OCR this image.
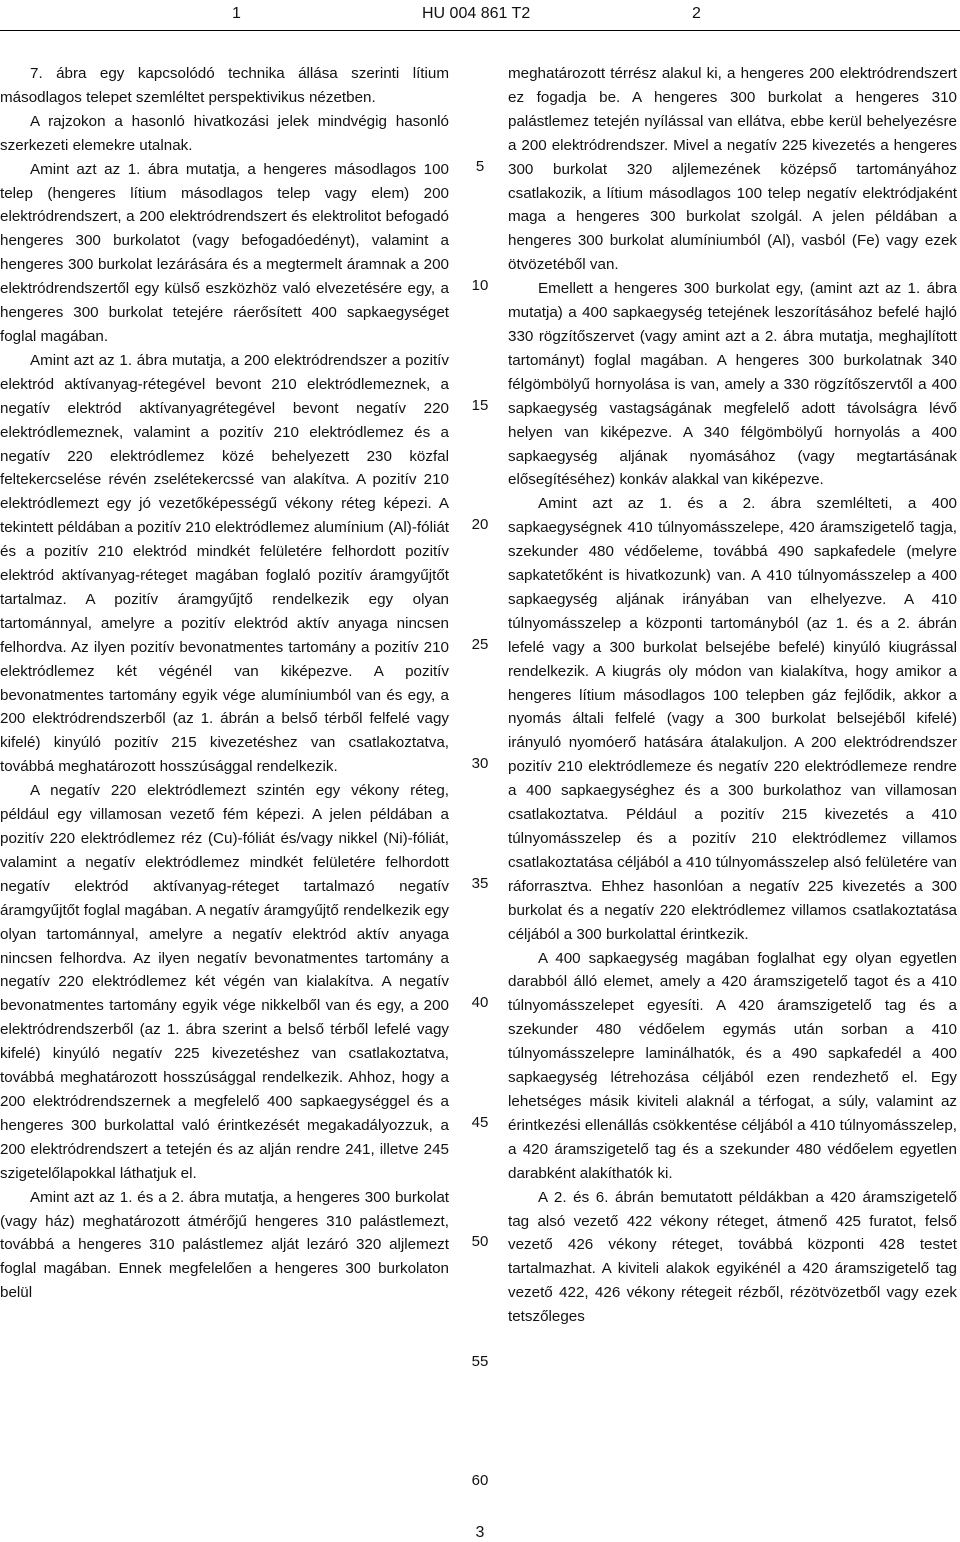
1	HU 004 861 T2	2

7. ábra egy kapcsolódó technika állása szerinti lítium másodlagos telepet szemléltet perspektivikus nézetben.

A rajzokon a hasonló hivatkozási jelek mindvégig hasonló szerkezeti elemekre utalnak.

Amint azt az 1. ábra mutatja, a hengeres másodlagos 100 telep (hengeres lítium másodlagos telep vagy elem) 200 elektródrendszert, a 200 elektródrendszert és elektrolitot befogadó hengeres 300 burkolatot (vagy befogadóedényt), valamint a hengeres 300 burkolat lezárására és a megtermelt áramnak a 200 elektródrendszertől egy külső eszközhöz való elvezetésére egy, a hengeres 300 burkolat tetejére ráerősített 400 sapkaegységet foglal magában.

Amint azt az 1. ábra mutatja, a 200 elektródrendszer a pozitív elektród aktívanyag-rétegével bevont 210 elektródlemeznek, a negatív elektród aktívanyagrétegével bevont negatív 220 elektródlemeznek, valamint a pozitív 210 elektródlemez és a negatív 220 elektródlemez közé behelyezett 230 közfal feltekercselése révén zselétekercssé van alakítva. A pozitív 210 elektródlemezt egy jó vezetőképességű vékony réteg képezi. A tekintett példában a pozitív 210 elektródlemez alumínium (Al)-fóliát és a pozitív 210 elektród mindkét felületére felhordott pozitív elektród aktívanyag-réteget magában foglaló pozitív áramgyűjtőt tartalmaz. A pozitív áramgyűjtő rendelkezik egy olyan tartománnyal, amelyre a pozitív elektród aktív anyaga nincsen felhordva. Az ilyen pozitív bevonatmentes tartomány a pozitív 210 elektródlemez két végénél van kiképezve. A pozitív bevonatmentes tartomány egyik vége alumíniumból van és egy, a 200 elektródrendszerből (az 1. ábrán a belső térből felfelé vagy kifelé) kinyúló pozitív 215 kivezetéshez van csatlakoztatva, továbbá meghatározott hosszúsággal rendelkezik.

A negatív 220 elektródlemezt szintén egy vékony réteg, például egy villamosan vezető fém képezi. A jelen példában a pozitív 220 elektródlemez réz (Cu)-fóliát és/vagy nikkel (Ni)-fóliát, valamint a negatív elektródlemez mindkét felületére felhordott negatív elektród aktívanyag-réteget tartalmazó negatív áramgyűjtőt foglal magában. A negatív áramgyűjtő rendelkezik egy olyan tartománnyal, amelyre a negatív elektród aktív anyaga nincsen felhordva. Az ilyen negatív bevonatmentes tartomány a negatív 220 elektródlemez két végén van kialakítva. A negatív bevonatmentes tartomány egyik vége nikkelből van és egy, a 200 elektródrendszerből (az 1. ábra szerint a belső térből lefelé vagy kifelé) kinyúló negatív 225 kivezetéshez van csatlakoztatva, továbbá meghatározott hosszúsággal rendelkezik. Ahhoz, hogy a 200 elektródrendszernek a megfelelő 400 sapkaegységgel és a hengeres 300 burkolattal való érintkezését megakadályozzuk, a 200 elektródrendszert a tetején és az alján rendre 241, illetve 245 szigetelőlapokkal láthatjuk el.

Amint azt az 1. és a 2. ábra mutatja, a hengeres 300 burkolat (vagy ház) meghatározott átmérőjű hengeres 310 palástlemezt, továbbá a hengeres 310 palástlemez alját lezáró 320 aljlemezt foglal magában. Ennek megfelelően a hengeres 300 burkolaton belül

5
10
15
20
25
30
35
40
45
50
55
60

meghatározott térrész alakul ki, a hengeres 200 elektródrendszert ez fogadja be. A hengeres 300 burkolat a hengeres 310 palástlemez tetején nyílással van ellátva, ebbe kerül behelyezésre a 200 elektródrendszer. Mivel a negatív 225 kivezetés a hengeres 300 burkolat 320 aljlemezének középső tartományához csatlakozik, a lítium másodlagos 100 telep negatív elektródjaként maga a hengeres 300 burkolat szolgál. A jelen példában a hengeres 300 burkolat alumíniumból (Al), vasból (Fe) vagy ezek ötvözetéből van.

Emellett a hengeres 300 burkolat egy, (amint azt az 1. ábra mutatja) a 400 sapkaegység tetejének leszorításához befelé hajló 330 rögzítőszervet (vagy amint azt a 2. ábra mutatja, meghajlított tartományt) foglal magában. A hengeres 300 burkolatnak 340 félgömbölyű hornyolása is van, amely a 330 rögzítőszervtől a 400 sapkaegység vastagságának megfelelő adott távolságra lévő helyen van kiképezve. A 340 félgömbölyű hornyolás a 400 sapkaegység aljának nyomásához (vagy megtartásának elősegítéséhez) konkáv alakkal van kiképezve.

Amint azt az 1. és a 2. ábra szemlélteti, a 400 sapkaegységnek 410 túlnyomásszelepe, 420 áramszigetelő tagja, szekunder 480 védőeleme, továbbá 490 sapkafedele (melyre sapkatetőként is hivatkozunk) van. A 410 túlnyomásszelep a 400 sapkaegység aljának irányában van elhelyezve. A 410 túlnyomásszelep a központi tartományból (az 1. és a 2. ábrán lefelé vagy a 300 burkolat belsejébe befelé) kinyúló kiugrással rendelkezik. A kiugrás oly módon van kialakítva, hogy amikor a hengeres lítium másodlagos 100 telepben gáz fejlődik, akkor a nyomás általi felfelé (vagy a 300 burkolat belsejéből kifelé) irányuló nyomóerő hatására átalakuljon. A 200 elektródrendszer pozitív 210 elektródlemeze és negatív 220 elektródlemeze rendre a 400 sapkaegységhez és a 300 burkolathoz van villamosan csatlakoztatva. Például a pozitív 215 kivezetés a 410 túlnyomásszelep és a pozitív 210 elektródlemez villamos csatlakoztatása céljából a 410 túlnyomásszelep alsó felületére van ráforrasztva. Ehhez hasonlóan a negatív 225 kivezetés a 300 burkolat és a negatív 220 elektródlemez villamos csatlakoztatása céljából a 300 burkolattal érintkezik.

A 400 sapkaegység magában foglalhat egy olyan egyetlen darabból álló elemet, amely a 420 áramszigetelő tagot és a 410 túlnyomásszelepet egyesíti. A 420 áramszigetelő tag és a szekunder 480 védőelem egymás után sorban a 410 túlnyomásszelepre laminálhatók, és a 490 sapkafedél a 400 sapkaegység létrehozása céljából ezen rendezhető el. Egy lehetséges másik kiviteli alaknál a térfogat, a súly, valamint az érintkezési ellenállás csökkentése céljából a 410 túlnyomásszelep, a 420 áramszigetelő tag és a szekunder 480 védőelem egyetlen darabként alakíthatók ki.

A 2. és 6. ábrán bemutatott példákban a 420 áramszigetelő tag alsó vezető 422 vékony réteget, átmenő 425 furatot, felső vezető 426 vékony réteget, továbbá központi 428 testet tartalmazhat. A kiviteli alakok egyikénél a 420 áramszigetelő tag vezető 422, 426 vékony rétegeit rézből, rézötvözetből vagy ezek tetszőleges

3
